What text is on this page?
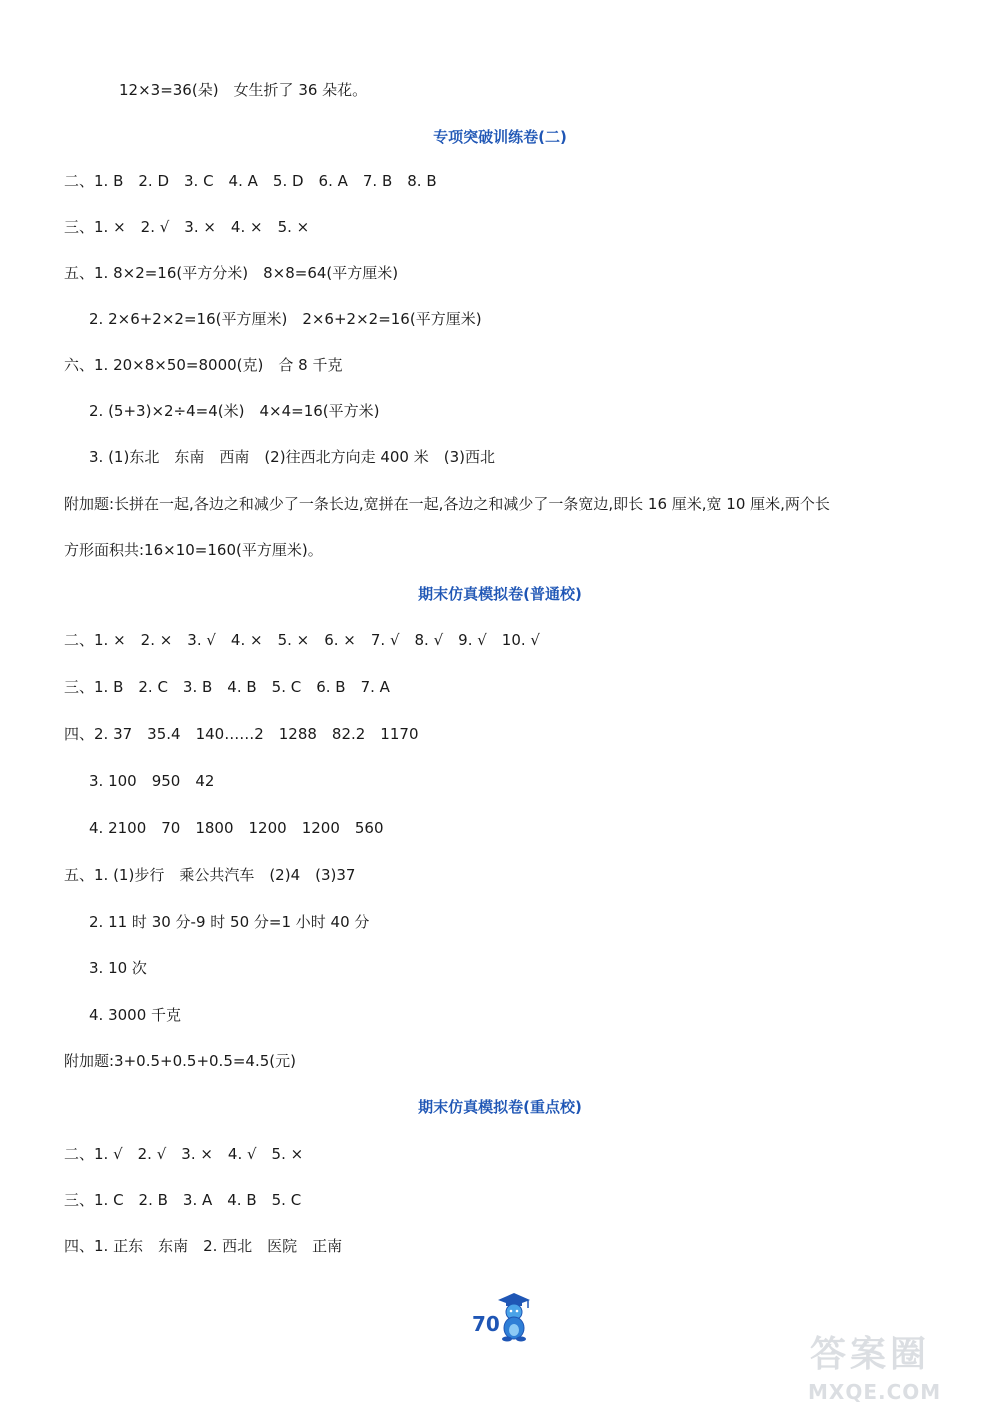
12×3=36(朵)　女生折了 36 朵花。
专项突破训练卷(二)
二、1. B　2. D　3. C　4. A　5. D　6. A　7. B　8. B
三、1. ×　2. √　3. ×　4. ×　5. ×
五、1. 8×2=16(平方分米)　8×8=64(平方厘米)
2. 2×6+2×2=16(平方厘米)　2×6+2×2=16(平方厘米)
六、1. 20×8×50=8000(克)　合 8 千克
2. (5+3)×2÷4=4(米)　4×4=16(平方米)
3. (1)东北　东南　西南　(2)往西北方向走 400 米　(3)西北
附加题:长拼在一起,各边之和减少了一条长边,宽拼在一起,各边之和减少了一条宽边,即长 16 厘米,宽 10 厘米,两个长
方形面积共:16×10=160(平方厘米)。
期末仿真模拟卷(普通校)
二、1. ×　2. ×　3. √　4. ×　5. ×　6. ×　7. √　8. √　9. √　10. √
三、1. B　2. C　3. B　4. B　5. C　6. B　7. A
四、2. 37　35.4　140……2　1288　82.2　1170
3. 100　950　42
4. 2100　70　1800　1200　1200　560
五、1. (1)步行　乘公共汽车　(2)4　(3)37
2. 11 时 30 分-9 时 50 分=1 小时 40 分
3. 10 次
4. 3000 千克
附加题:3+0.5+0.5+0.5=4.5(元)
期末仿真模拟卷(重点校)
二、1. √　2. √　3. ×　4. √　5. ×
三、1. C　2. B　3. A　4. B　5. C
四、1. 正东　东南　2. 西北　医院　正南
70
答案圈
MXQE.COM
